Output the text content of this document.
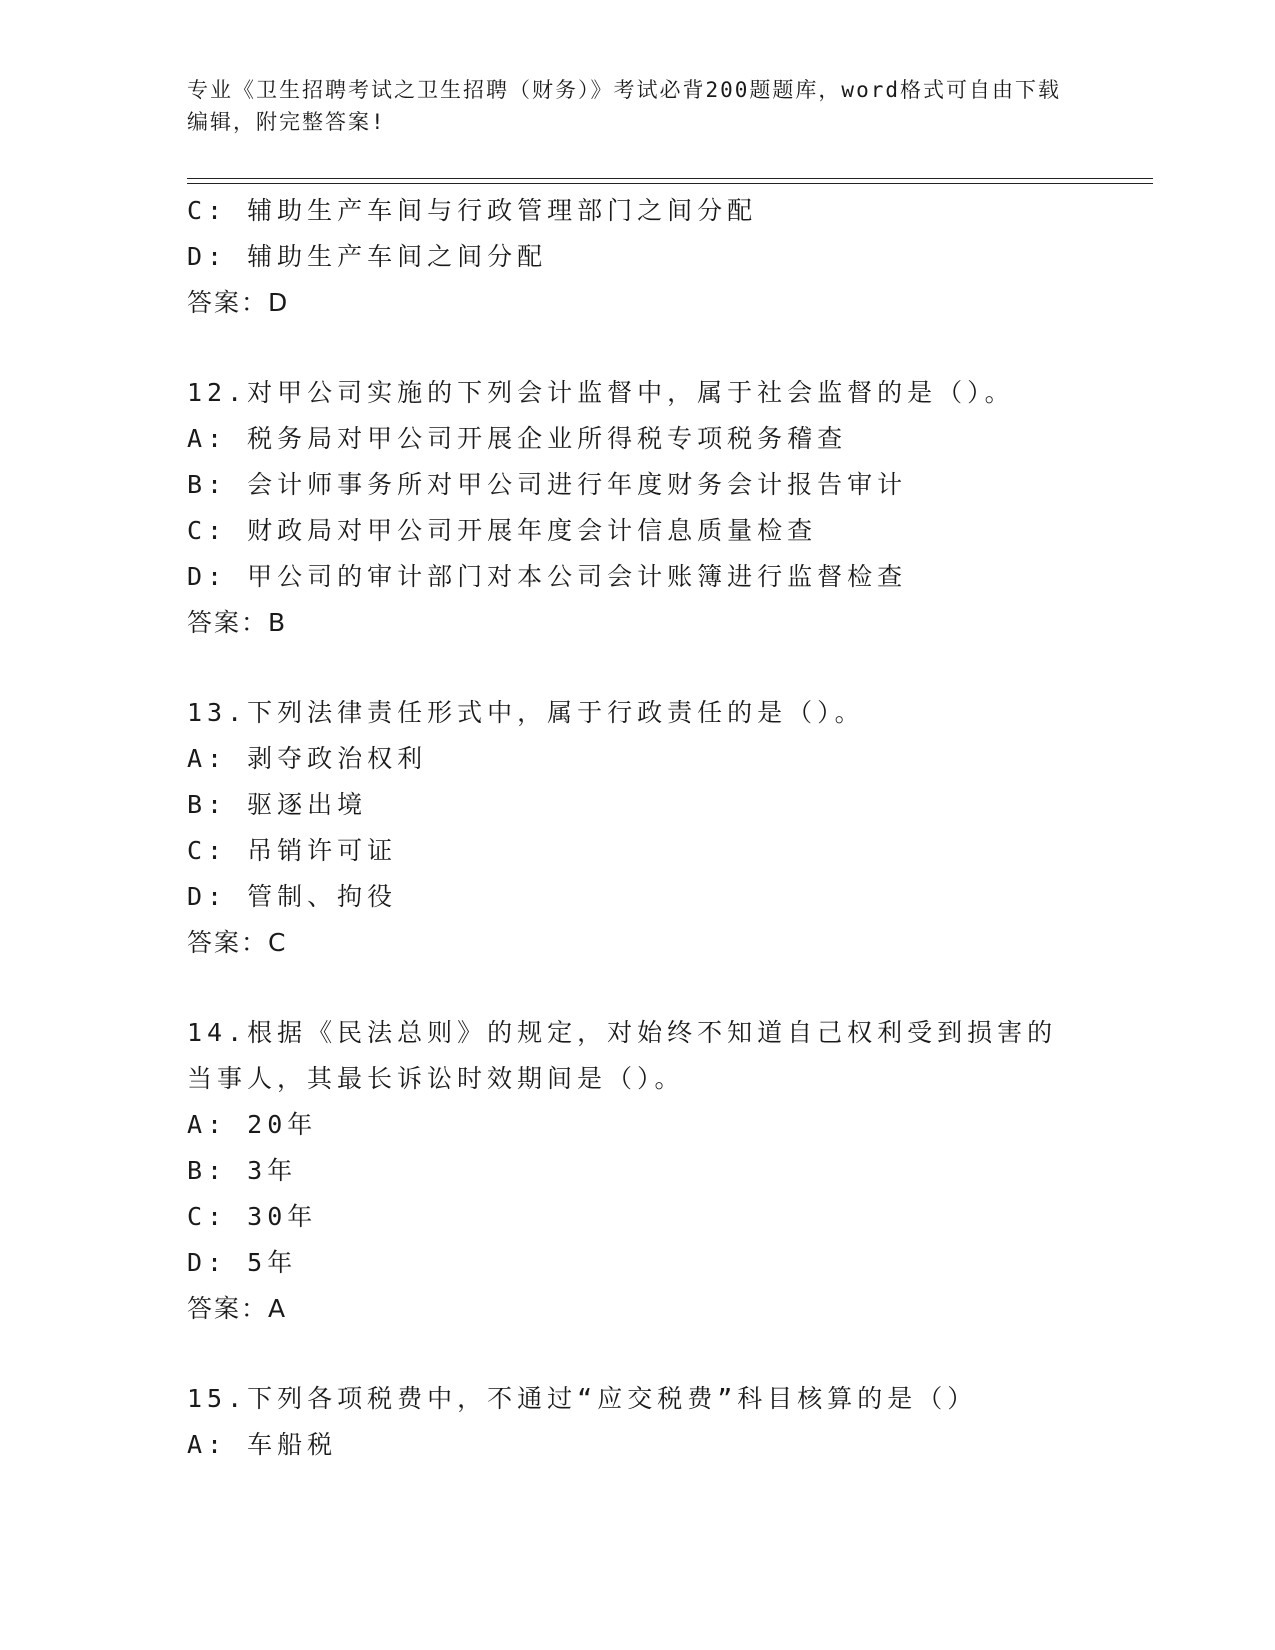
专业《卫生招聘考试之卫生招聘（财务）》考试必背200题题库，word格式可自由下载编辑，附完整答案!
C: 辅助生产车间与行政管理部门之间分配
D: 辅助生产车间之间分配
答案：D
12.对甲公司实施的下列会计监督中，属于社会监督的是（）。
A: 税务局对甲公司开展企业所得税专项税务稽查
B: 会计师事务所对甲公司进行年度财务会计报告审计
C: 财政局对甲公司开展年度会计信息质量检查
D: 甲公司的审计部门对本公司会计账簿进行监督检查
答案：B
13.下列法律责任形式中，属于行政责任的是（）。
A: 剥夺政治权利
B: 驱逐出境
C: 吊销许可证
D: 管制、拘役
答案：C
14.根据《民法总则》的规定，对始终不知道自己权利受到损害的当事人，其最长诉讼时效期间是（）。
A: 20年
B: 3年
C: 30年
D: 5年
答案：A
15.下列各项税费中，不通过“应交税费”科目核算的是（）
A: 车船税
